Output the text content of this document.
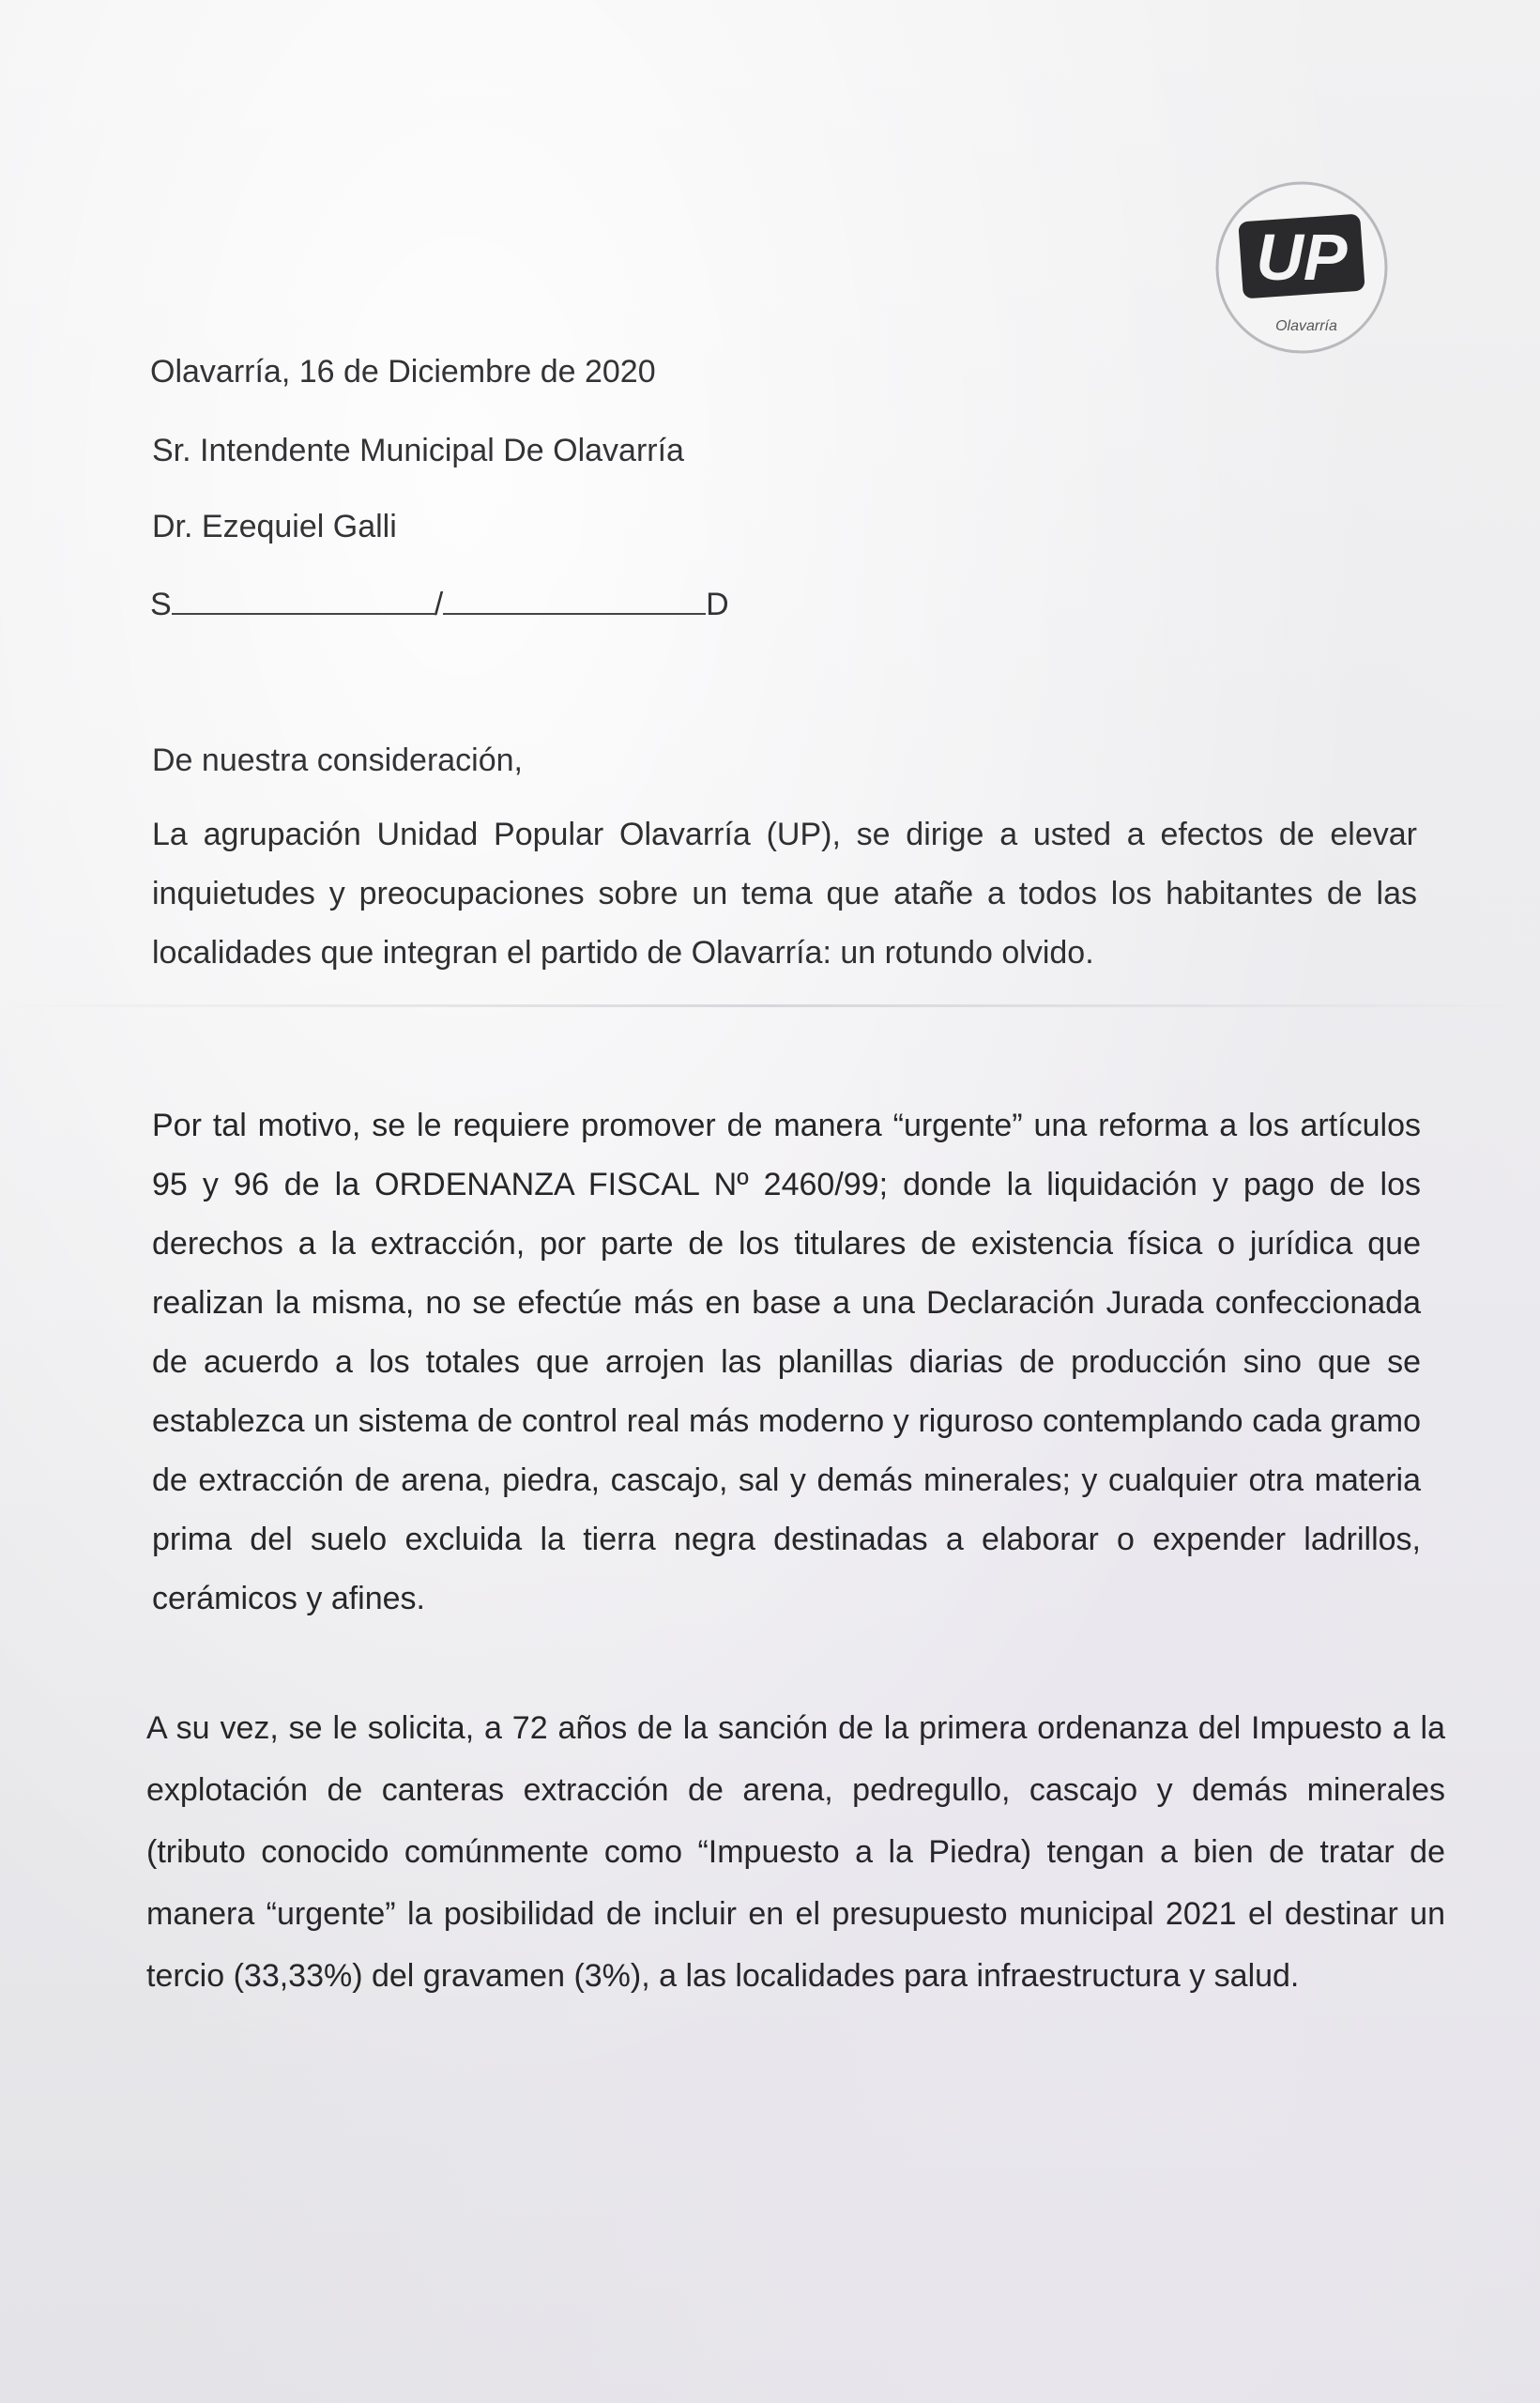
UP
Olavarría
Olavarría, 16 de Diciembre de 2020
Sr. Intendente Municipal De Olavarría
Dr. Ezequiel Galli
S	/	D
De nuestra consideración,
La agrupación Unidad Popular Olavarría (UP), se dirige a usted a efectos de elevar inquietudes y preocupaciones sobre un tema que atañe a todos los habitantes de las localidades que integran el partido de Olavarría: un rotundo olvido.
Por tal motivo, se le requiere promover de manera “urgente” una reforma a los artículos 95 y 96 de la ORDENANZA FISCAL Nº 2460/99; donde la liquidación y pago de los derechos a la extracción, por parte de los titulares de existencia física o jurídica que realizan la misma, no se efectúe más en base a una Declaración Jurada confeccionada de acuerdo a los totales que arrojen las planillas diarias de producción sino que se establezca un sistema de control real más moderno y riguroso contemplando cada gramo de extracción de arena, piedra, cascajo, sal y demás minerales; y cualquier otra materia prima del suelo excluida la tierra negra destinadas a elaborar o expender ladrillos, cerámicos y afines.
A su vez, se le solicita, a 72 años de la sanción de la primera ordenanza del Impuesto a la explotación de canteras extracción de arena, pedregullo, cascajo y demás minerales (tributo conocido comúnmente como “Impuesto a la Piedra) tengan a bien de tratar de manera “urgente” la posibilidad de incluir en el presupuesto municipal 2021 el destinar un tercio (33,33%) del gravamen (3%), a las localidades para infraestructura y salud.
